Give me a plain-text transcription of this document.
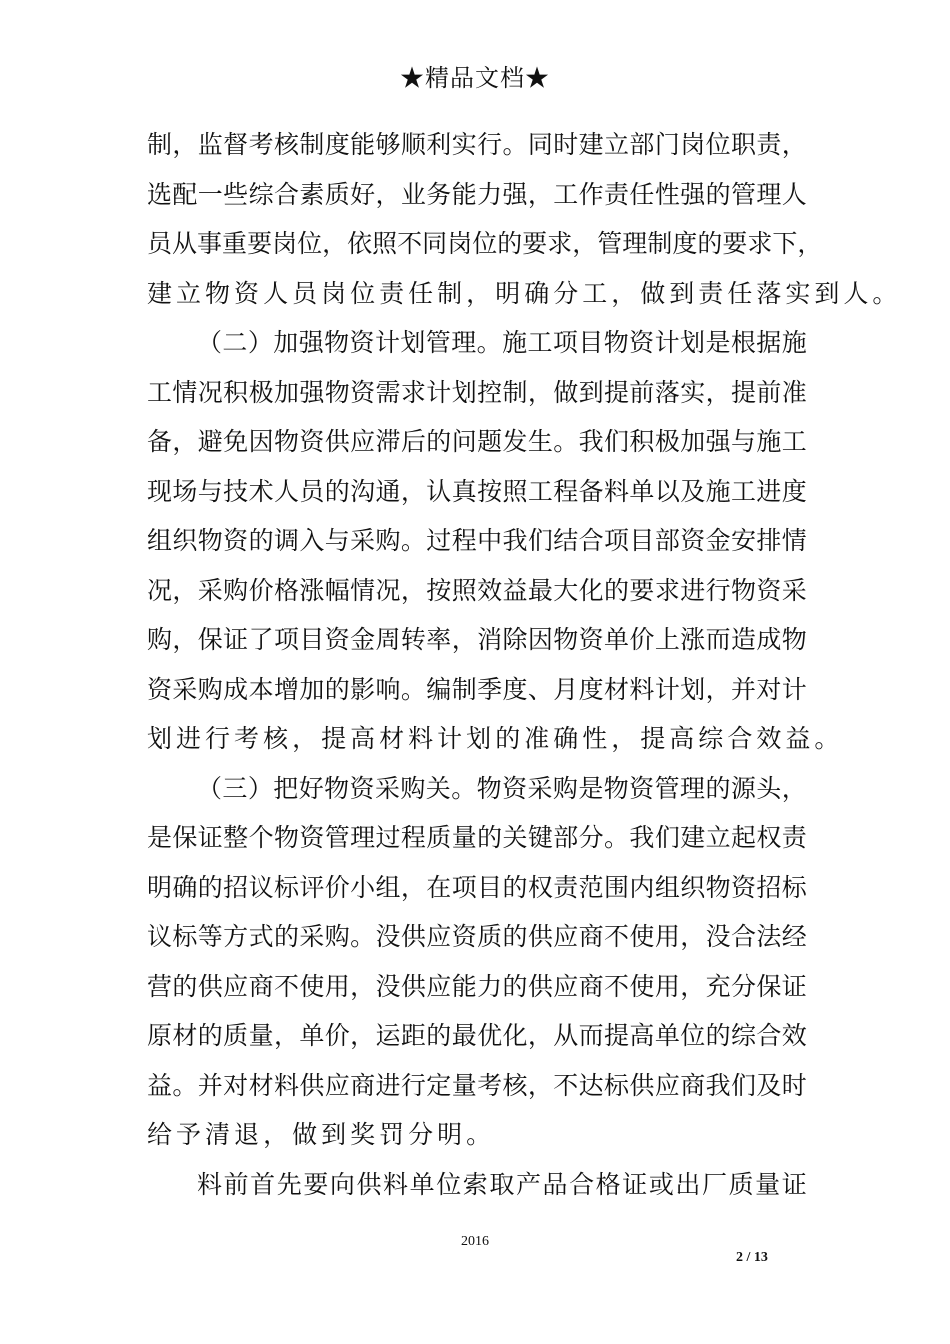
★精品文档★
制 ， 监 督 考 核 制 度 能 够 顺 利 实 行 。 同 时 建 立 部 门 岗 位 职 责 ，
选 配 一 些 综 合 素 质 好 ， 业 务 能 力 强 ， 工 作 责 任 性 强 的 管 理 人
员 从 事 重 要 岗 位 ， 依 照 不 同 岗 位 的 要 求 ， 管 理 制 度 的 要 求 下 ，
建 立 物 资 人 员 岗 位 责 任 制 ， 明 确 分 工 ， 做 到 责 任 落 实 到 人 。
（ 二 ） 加 强 物 资 计 划 管 理 。 施 工 项 目 物 资 计 划 是 根 据 施
工 情 况 积 极 加 强 物 资 需 求 计 划 控 制 ， 做 到 提 前 落 实 ， 提 前 准
备 ， 避 免 因 物 资 供 应 滞 后 的 问 题 发 生 。 我 们 积 极 加 强 与 施 工
现 场 与 技 术 人 员 的 沟 通 ， 认 真 按 照 工 程 备 料 单 以 及 施 工 进 度
组 织 物 资 的 调 入 与 采 购 。 过 程 中 我 们 结 合 项 目 部 资 金 安 排 情
况 ， 采 购 价 格 涨 幅 情 况 ， 按 照 效 益 最 大 化 的 要 求 进 行 物 资 采
购 ， 保 证 了 项 目 资 金 周 转 率 ， 消 除 因 物 资 单 价 上 涨 而 造 成 物
资 采 购 成 本 增 加 的 影 响 。 编 制 季 度 、 月 度 材 料 计 划 ， 并 对 计
划 进 行 考 核 ， 提 高 材 料 计 划 的 准 确 性 ， 提 高 综 合 效 益 。
（ 三 ） 把 好 物 资 采 购 关 。 物 资 采 购 是 物 资 管 理 的 源 头 ，
是 保 证 整 个 物 资 管 理 过 程 质 量 的 关 键 部 分 。 我 们 建 立 起 权 责
明 确 的 招 议 标 评 价 小 组 ， 在 项 目 的 权 责 范 围 内 组 织 物 资 招 标
议 标 等 方 式 的 采 购 。 没 供 应 资 质 的 供 应 商 不 使 用 ， 没 合 法 经
营 的 供 应 商 不 使 用 ， 没 供 应 能 力 的 供 应 商 不 使 用 ， 充 分 保 证
原 材 的 质 量 ， 单 价 ， 运 距 的 最 优 化 ， 从 而 提 高 单 位 的 综 合 效
益 。 并 对 材 料 供 应 商 进 行 定 量 考 核 ， 不 达 标 供 应 商 我 们 及 时
给 予 清 退 ， 做 到 奖 罚 分 明 。
料 前 首 先 要 向 供 料 单 位 索 取 产 品 合 格 证 或 出 厂 质 量 证
2016
2 / 13
